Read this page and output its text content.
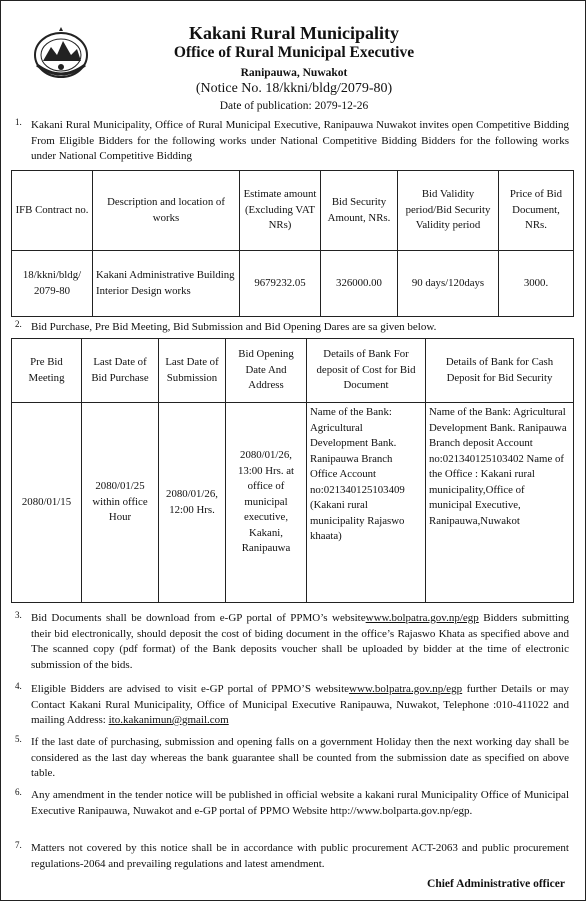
Kakani Rural Municipality
Office of Rural Municipal Executive
Ranipauwa, Nuwakot
(Notice No. 18/kkni/bldg/2079-80)
Date of publication: 2079-12-26
$^{1.}$ Kakani Rural Municipality, Office of Rural Municipal Executive, Ranipauwa Nuwakot invites open Competitive Bidding From Eligible Bidders for the following works under National Competitive Bidding Bidders for the following works under National Competitive Bidding
IFB Contract no.	Description and location of works	Estimate amount (Excluding VAT NRs)	Bid Security Amount, NRs.	Bid Validity period/Bid Security Validity period	Price of Bid Document, NRs.
18/kkni/bldg/ 2079-80	Kakani Administrative Building Interior Design works	9679232.05	326000.00	90 days/120days	3000.
$^{2.}$ Bid Purchase, Pre Bid Meeting, Bid Submission and Bid Opening Dares are sa given below.
Pre Bid Meeting	Last Date of Bid Purchase	Last Date of Submission	Bid Opening Date And Address	Details of Bank For deposit of Cost for Bid Document	Details of Bank for Cash Deposit for Bid Security
2080/01/15	2080/01/25 within office Hour	2080/01/26, 12:00 Hrs.	2080/01/26, 13:00 Hrs. at office of municipal executive, Kakani, Ranipauwa	Name of the Bank: Agricultural Development Bank. Ranipauwa Branch Office Account no:021340125103409 (Kakani rural municipality Rajaswo khaata)	Name of the Bank: Agricultural Development Bank. Ranipauwa Branch deposit Account no:021340125103402 Name of the Office : Kakani rural municipality,Office of municipal Executive, Ranipauwa,Nuwakot
$^{3.}$ Bid Documents shall be download from e-GP portal of PPMO’s websitewww.bolpatra.gov.np/egp Bidders submitting their bid electronically, should deposit the cost of biding document in the office’s Rajaswo Khata as specified above and The scanned copy (pdf format) of the Bank deposits voucher shall be uploaded by bidder at the time of electronic submission of the bids.
$^{4.}$ Eligible Bidders are advised to visit e-GP portal of PPMO’S websitewww.bolpatra.gov.np/egp further Details or may Contact Kakani Rural Municipality, Office of Municipal Executive Ranipauwa, Nuwakot, Telephone :010-411022 and mailing Address: ito.kakanimun@gmail.com
$^{5.}$ If the last date of purchasing, submission and opening falls on a government Holiday then the next working day shall be considered as the last day whereas the bank guarantee shall be counted from the submission date as specified on above table.
$^{6.}$ Any amendment in the tender notice will be published in official website a kakani rural Municipality Office of Municipal Executive Ranipauwa, Nuwakot and e-GP portal of PPMO Website http://www.bolparta.gov.np/egp.
$^{7.}$ Matters not covered by this notice shall be in accordance with public procurement ACT-2063 and public procurement regulations-2064 and prevailing regulations and latest amendment.
Chief Administrative officer
